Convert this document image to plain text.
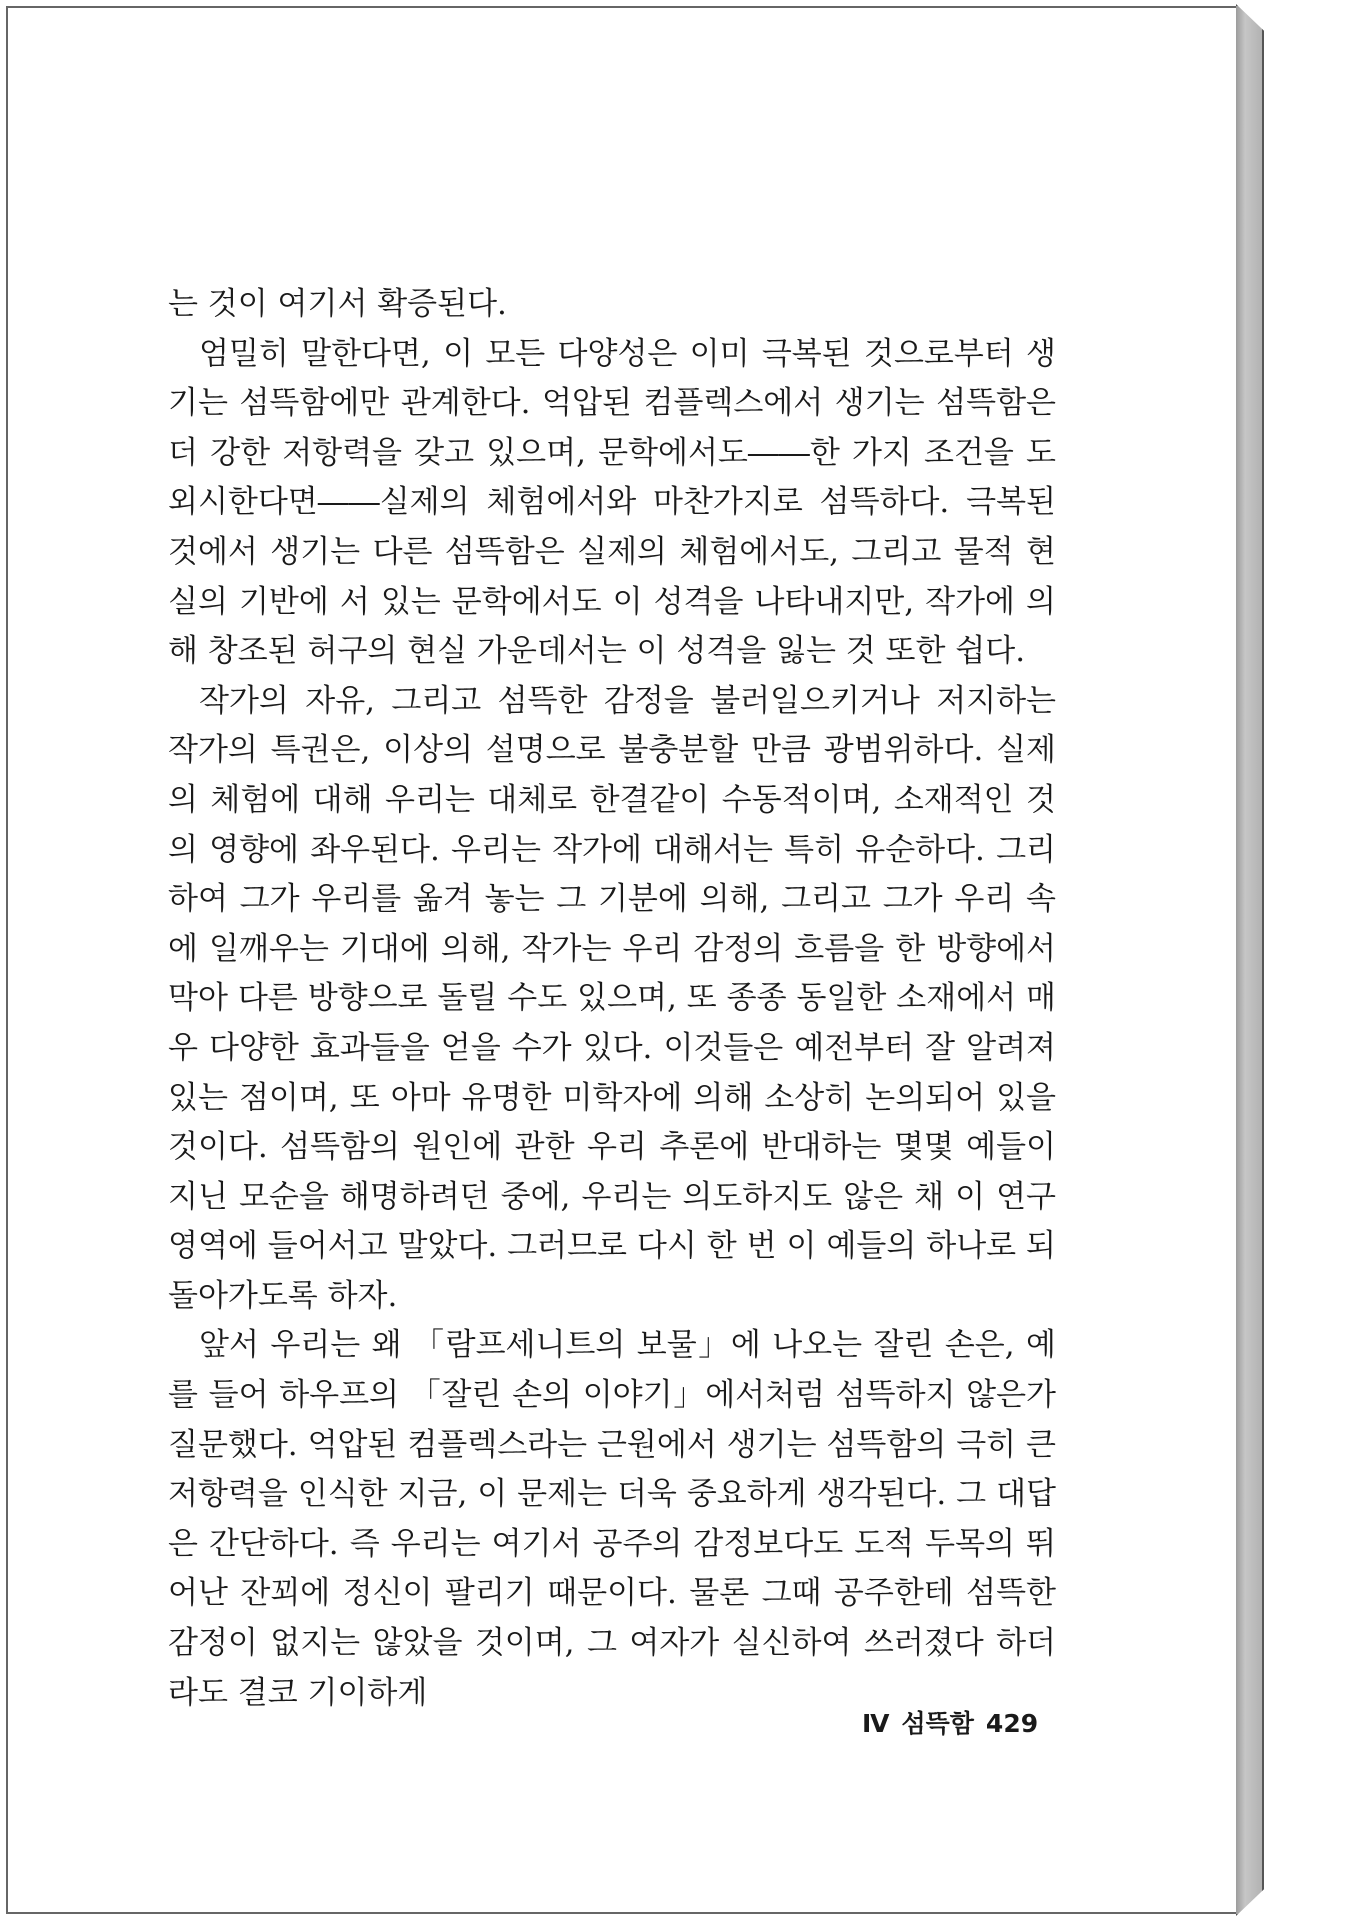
는 것이 여기서 확증된다.

엄밀히 말한다면, 이 모든 다양성은 이미 극복된 것으로부터 생기는 섬뜩함에만 관계한다. 억압된 컴플렉스에서 생기는 섬뜩함은 더 강한 저항력을 갖고 있으며, 문학에서도――한 가지 조건을 도외시한다면――실제의 체험에서와 마찬가지로 섬뜩하다. 극복된 것에서 생기는 다른 섬뜩함은 실제의 체험에서도, 그리고 물적 현실의 기반에 서 있는 문학에서도 이 성격을 나타내지만, 작가에 의해 창조된 허구의 현실 가운데서는 이 성격을 잃는 것 또한 쉽다.

작가의 자유, 그리고 섬뜩한 감정을 불러일으키거나 저지하는 작가의 특권은, 이상의 설명으로 불충분할 만큼 광범위하다. 실제의 체험에 대해 우리는 대체로 한결같이 수동적이며, 소재적인 것의 영향에 좌우된다. 우리는 작가에 대해서는 특히 유순하다. 그리하여 그가 우리를 옮겨 놓는 그 기분에 의해, 그리고 그가 우리 속에 일깨우는 기대에 의해, 작가는 우리 감정의 흐름을 한 방향에서 막아 다른 방향으로 돌릴 수도 있으며, 또 종종 동일한 소재에서 매우 다양한 효과들을 얻을 수가 있다. 이것들은 예전부터 잘 알려져 있는 점이며, 또 아마 유명한 미학자에 의해 소상히 논의되어 있을 것이다. 섬뜩함의 원인에 관한 우리 추론에 반대하는 몇몇 예들이 지닌 모순을 해명하려던 중에, 우리는 의도하지도 않은 채 이 연구영역에 들어서고 말았다. 그러므로 다시 한 번 이 예들의 하나로 되돌아가도록 하자.

앞서 우리는 왜 「람프세니트의 보물」에 나오는 잘린 손은, 예를 들어 하우프의 「잘린 손의 이야기」에서처럼 섬뜩하지 않은가 질문했다. 억압된 컴플렉스라는 근원에서 생기는 섬뜩함의 극히 큰 저항력을 인식한 지금, 이 문제는 더욱 중요하게 생각된다. 그 대답은 간단하다. 즉 우리는 여기서 공주의 감정보다도 도적 두목의 뛰어난 잔꾀에 정신이 팔리기 때문이다. 물론 그때 공주한테 섬뜩한 감정이 없지는 않았을 것이며, 그 여자가 실신하여 쓰러졌다 하더라도 결코 기이하게

Ⅳ 섬뜩함 429
